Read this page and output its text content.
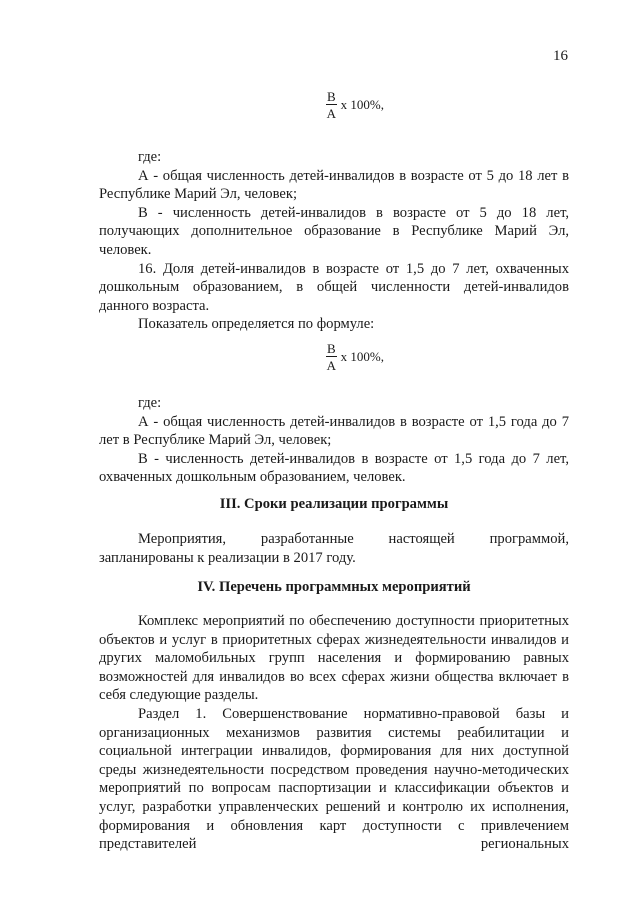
16
$\frac{В}{А}$ х 100%,

где:

А - общая численность детей-инвалидов в возрасте от 5 до 18 лет в Республике Марий Эл, человек;

В - численность детей-инвалидов в возрасте от 5 до 18 лет, получающих дополнительное образование в Республике Марий Эл, человек.

16. Доля детей-инвалидов в возрасте от 1,5 до 7 лет, охваченных дошкольным образованием, в общей численности детей-инвалидов данного возраста.

Показатель определяется по формуле:

$\frac{В}{А}$ х 100%,

где:

А - общая численность детей-инвалидов в возрасте от 1,5 года до 7 лет в Республике Марий Эл, человек;

В - численность детей-инвалидов в возрасте от 1,5 года до 7 лет, охваченных дошкольным образованием, человек.

III. Сроки реализации программы

Мероприятия, разработанные настоящей программой, запланированы к реализации в 2017 году.

IV. Перечень программных мероприятий

Комплекс мероприятий по обеспечению доступности приоритетных объектов и услуг в приоритетных сферах жизнедеятельности инвалидов и других маломобильных групп населения и формированию равных возможностей для инвалидов во всех сферах жизни общества включает в себя следующие разделы.

Раздел 1. Совершенствование нормативно-правовой базы и организационных механизмов развития системы реабилитации и социальной интеграции инвалидов, формирования для них доступной среды жизнедеятельности посредством проведения научно-методических мероприятий по вопросам паспортизации и классификации объектов и услуг, разработки управленческих решений и контролю их исполнения, формирования и обновления карт доступности с привлечением представителей региональных
